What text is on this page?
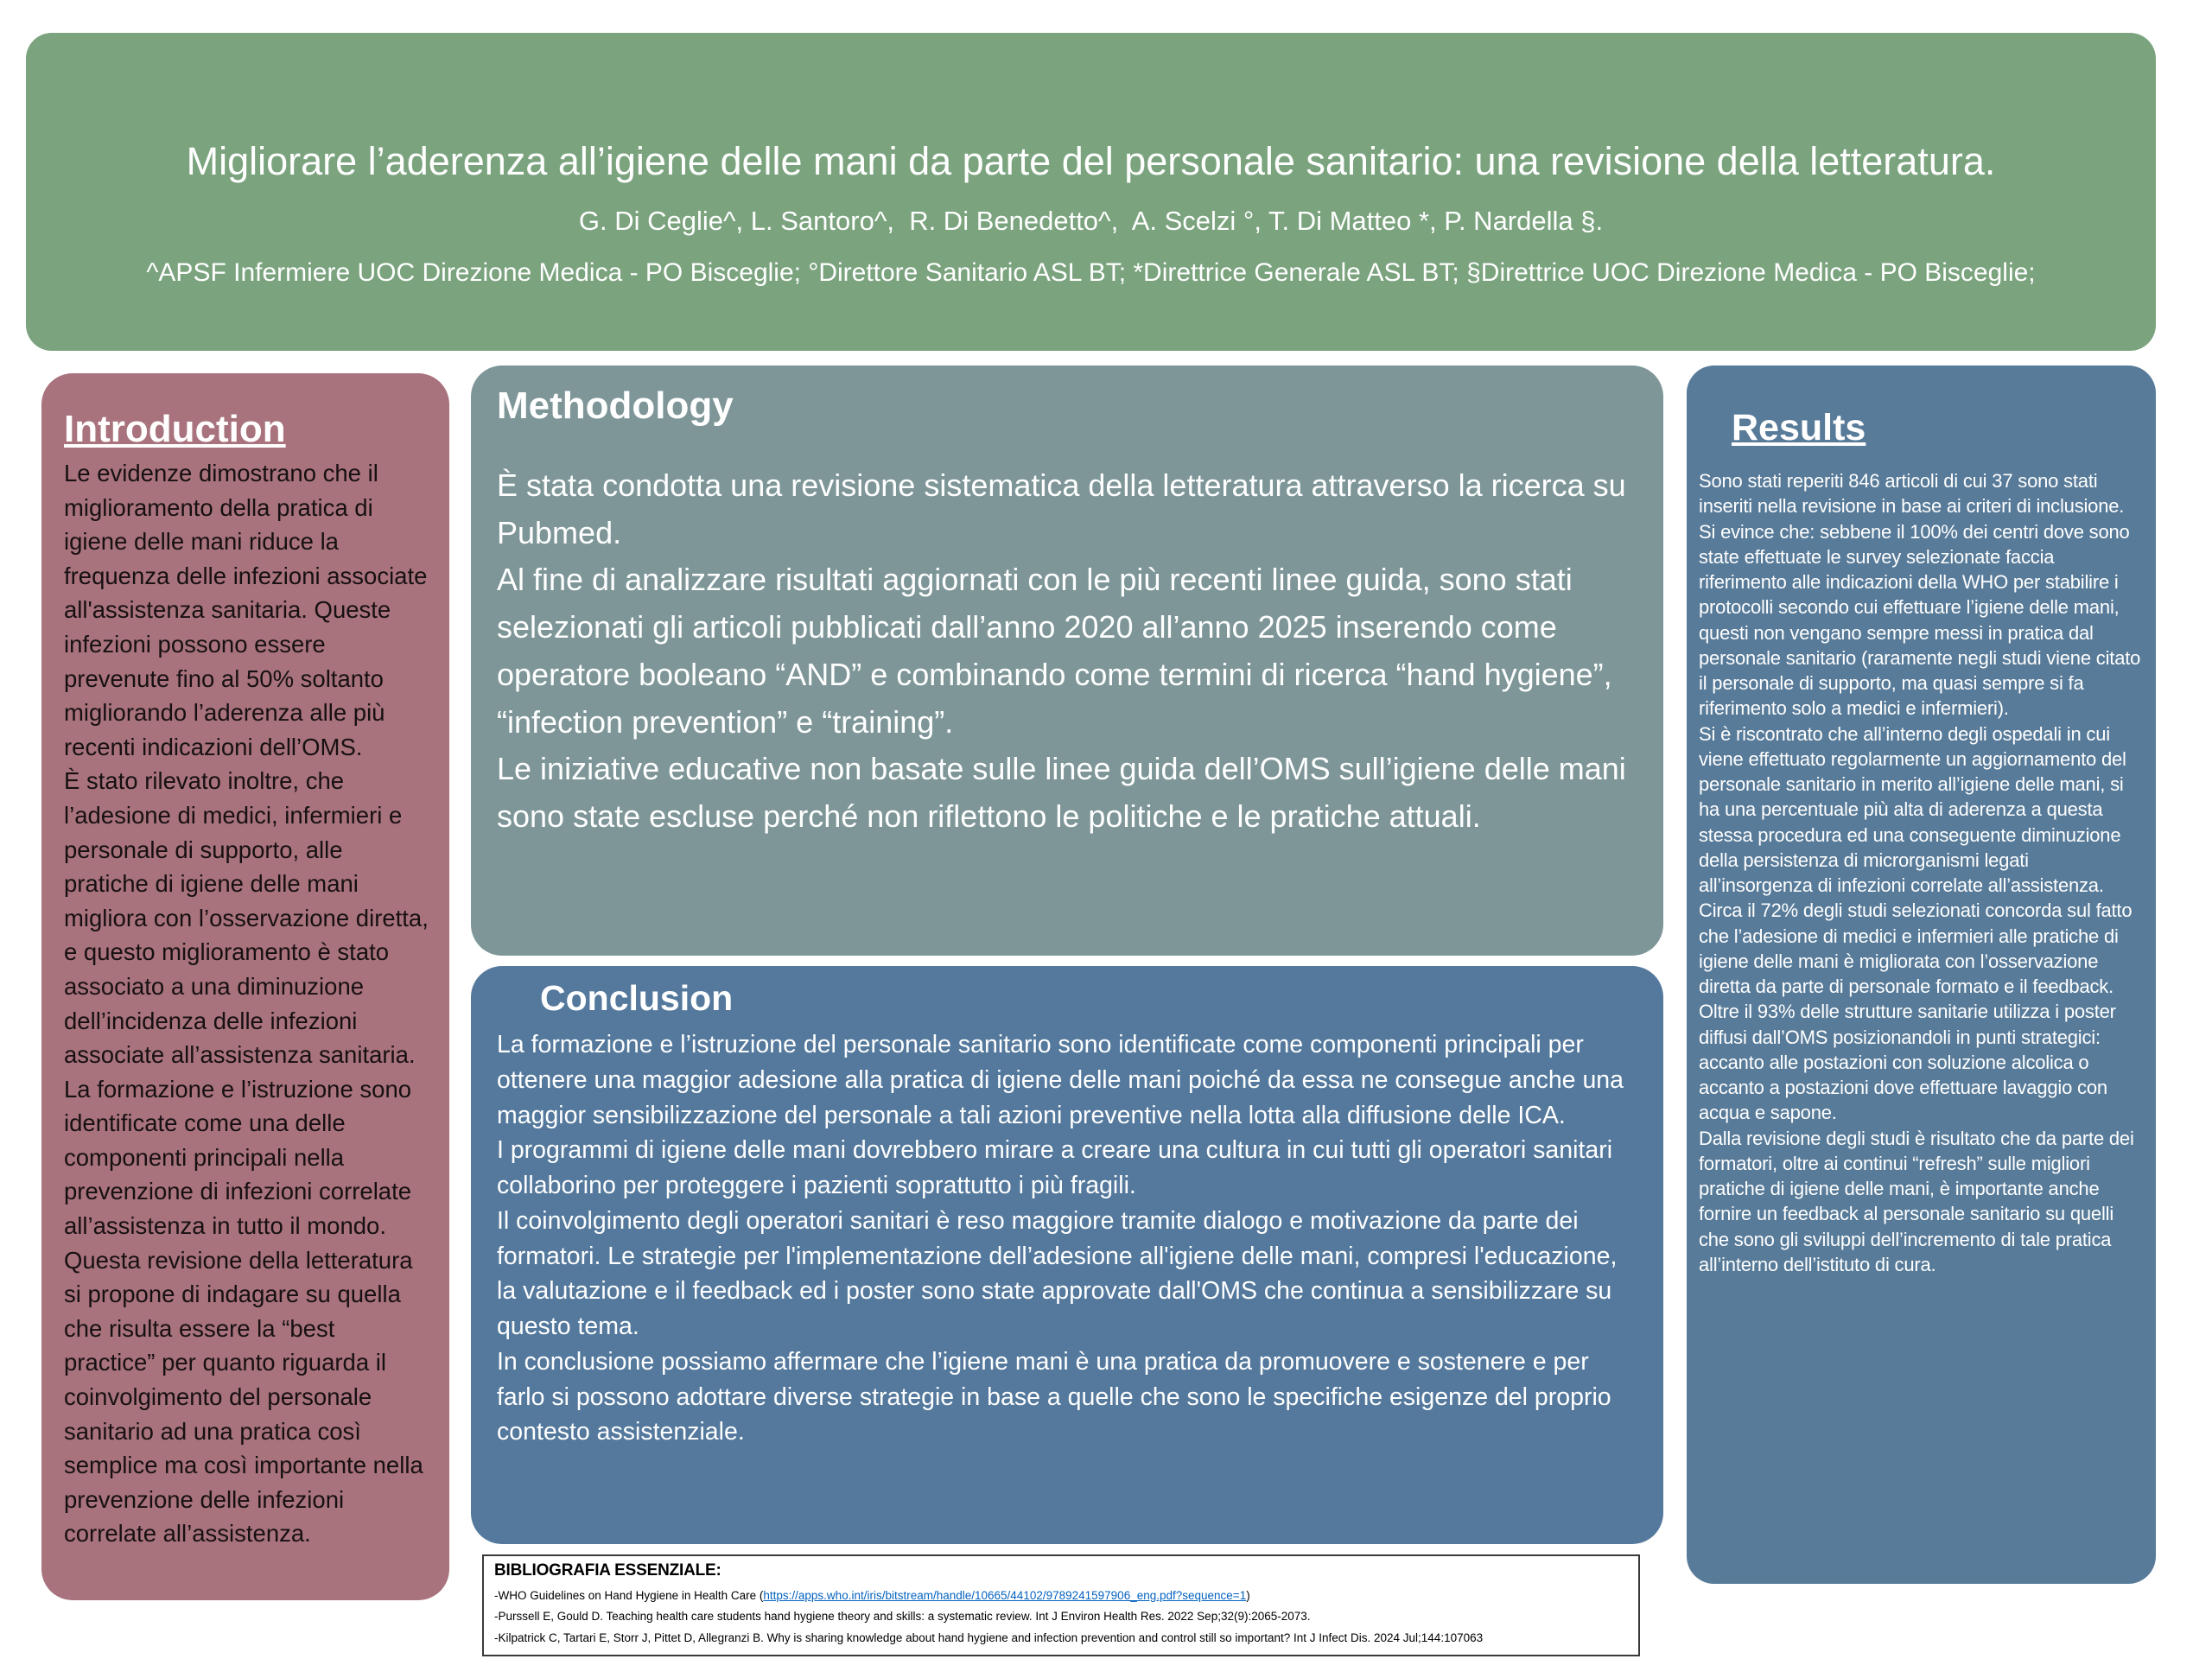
Migliorare l’aderenza all’igiene delle mani da parte del personale sanitario: una revisione della letteratura.
G. Di Ceglie^, L. Santoro^,  R. Di Benedetto^,  A. Scelzi °, T. Di Matteo *, P. Nardella §.
^APSF Infermiere UOC Direzione Medica - PO Bisceglie; °Direttore Sanitario ASL BT; *Direttrice Generale ASL BT; §Direttrice UOC Direzione Medica - PO Bisceglie;
Introduction

Le evidenze dimostrano che il miglioramento della pratica di igiene delle mani riduce la frequenza delle infezioni associate all'assistenza sanitaria. Queste infezioni possono essere prevenute fino al 50% soltanto migliorando l’aderenza alle più recenti indicazioni dell’OMS.

È stato rilevato inoltre, che l’adesione di medici, infermieri e personale di supporto, alle pratiche di igiene delle mani migliora con l’osservazione diretta, e questo miglioramento è stato associato a una diminuzione dell’incidenza delle infezioni associate all’assistenza sanitaria.

La formazione e l’istruzione sono identificate come una delle componenti principali nella prevenzione di infezioni correlate all’assistenza in tutto il mondo. Questa revisione della letteratura si propone di indagare su quella che risulta essere la “best practice” per quanto riguarda il coinvolgimento del personale sanitario ad una pratica così semplice ma così importante nella prevenzione delle infezioni correlate all’assistenza.

Methodology

È stata condotta una revisione sistematica della letteratura attraverso la ricerca su Pubmed.

Al fine di analizzare risultati aggiornati con le più recenti linee guida, sono stati selezionati gli articoli pubblicati dall’anno 2020 all’anno 2025 inserendo come operatore booleano “AND” e combinando come termini di ricerca “hand hygiene”, “infection prevention” e “training”.

Le iniziative educative non basate sulle linee guida dell’OMS sull’igiene delle mani sono state escluse perché non riflettono le politiche e le pratiche attuali.

Conclusion

La formazione e l’istruzione del personale sanitario sono identificate come componenti principali per ottenere una maggior adesione alla pratica di igiene delle mani poiché da essa ne consegue anche una maggior sensibilizzazione del personale a tali azioni preventive nella lotta alla diffusione delle ICA.

I programmi di igiene delle mani dovrebbero mirare a creare una cultura in cui tutti gli operatori sanitari collaborino per proteggere i pazienti soprattutto i più fragili.

Il coinvolgimento degli operatori sanitari è reso maggiore tramite dialogo e motivazione da parte dei formatori. Le strategie per l'implementazione dell’adesione all'igiene delle mani, compresi l'educazione, la valutazione e il feedback ed i poster sono state approvate dall'OMS che continua a sensibilizzare su questo tema.

In conclusione possiamo affermare che l’igiene mani è una pratica da promuovere e sostenere e per farlo si possono adottare diverse strategie in base a quelle che sono le specifiche esigenze del proprio contesto assistenziale.

Results

Sono stati reperiti 846 articoli di cui 37 sono stati inseriti nella revisione in base ai criteri di inclusione.

Si evince che: sebbene il 100% dei centri dove sono state effettuate le survey selezionate faccia riferimento alle indicazioni della WHO per stabilire i protocolli secondo cui effettuare l’igiene delle mani, questi non vengano sempre messi in pratica dal personale sanitario (raramente negli studi viene citato il personale di supporto, ma quasi sempre si fa riferimento solo a medici e infermieri).

Si è riscontrato che all’interno degli ospedali in cui viene effettuato regolarmente un aggiornamento del personale sanitario in merito all’igiene delle mani, si ha una percentuale più alta di aderenza a questa stessa procedura ed una conseguente diminuzione della persistenza di microrganismi legati all’insorgenza di infezioni correlate all’assistenza.

Circa il 72% degli studi selezionati concorda sul fatto che l’adesione di medici e infermieri alle pratiche di igiene delle mani è migliorata con l’osservazione diretta da parte di personale formato e il feedback.

Oltre il 93% delle strutture sanitarie utilizza i poster diffusi dall’OMS posizionandoli in punti strategici: accanto alle postazioni con soluzione alcolica o accanto a postazioni dove effettuare lavaggio con acqua e sapone.

Dalla revisione degli studi è risultato che da parte dei formatori, oltre ai continui “refresh” sulle migliori pratiche di igiene delle mani, è importante anche fornire un feedback al personale sanitario su quelli che sono gli sviluppi dell’incremento di tale pratica all’interno dell’istituto di cura.

BIBLIOGRAFIA ESSENZIALE:

-WHO Guidelines on Hand Hygiene in Health Care (https://apps.who.int/iris/bitstream/handle/10665/44102/9789241597906_eng.pdf?sequence=1)

-Purssell E, Gould D. Teaching health care students hand hygiene theory and skills: a systematic review. Int J Environ Health Res. 2022 Sep;32(9):2065-2073.

-Kilpatrick C, Tartari E, Storr J, Pittet D, Allegranzi B. Why is sharing knowledge about hand hygiene and infection prevention and control still so important? Int J Infect Dis. 2024 Jul;144:107063
